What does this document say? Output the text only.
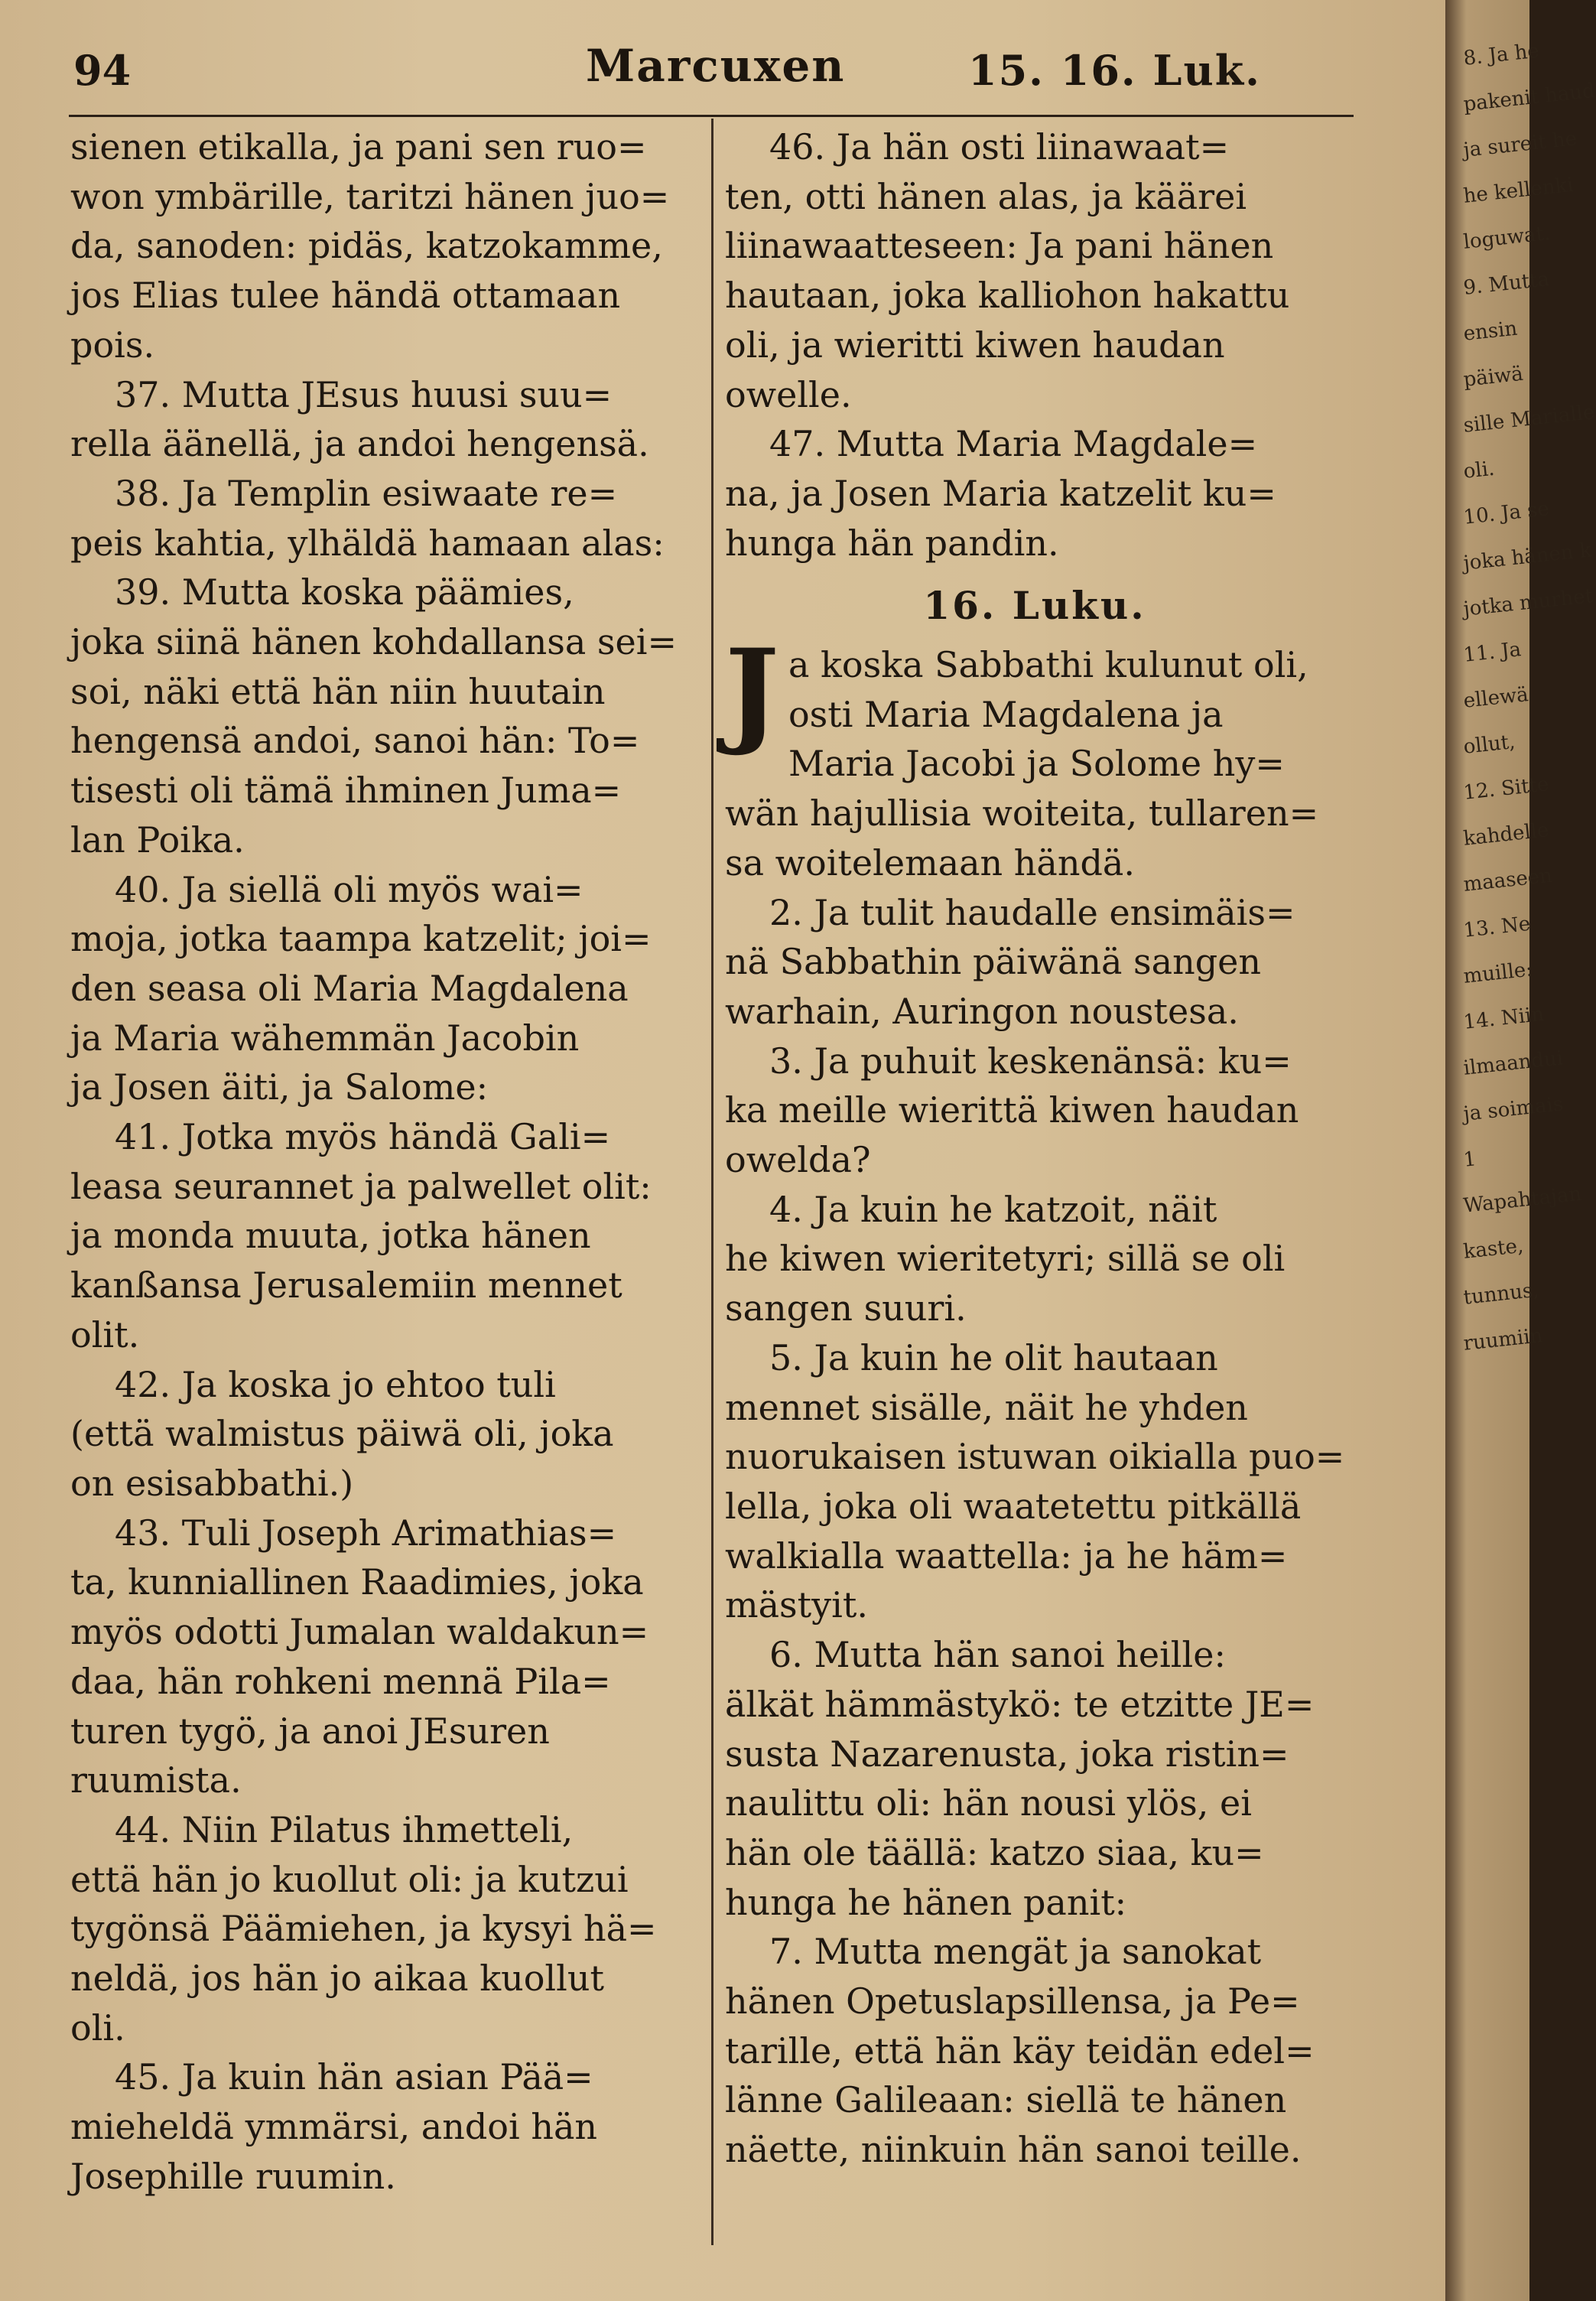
94	Marcuxen	15. 16. Luk.
sienen etikalla, ja pani sen ruo=
won ymbärille, taritzi hänen juo=
da, sanoden: pidäs, katzokamme,
jos Elias tulee händä ottamaan
pois.
37. Mutta JEsus huusi suu=
rella äänellä, ja andoi hengensä.
38. Ja Templin esiwaate re=
peis kahtia, ylhäldä hamaan alas:
39. Mutta koska päämies,
joka siinä hänen kohdallansa sei=
soi, näki että hän niin huutain
hengensä andoi, sanoi hän: To=
tisesti oli tämä ihminen Juma=
lan Poika.
40. Ja siellä oli myös wai=
moja, jotka taampa katzelit; joi=
den seasa oli Maria Magdalena
ja Maria wähemmän Jacobin
ja Josen äiti, ja Salome:
41. Jotka myös händä Gali=
leasa seurannet ja palwellet olit:
ja monda muuta, jotka hänen
kanßansa Jerusalemiin mennet
olit.
42. Ja koska jo ehtoo tuli
(että walmistus päiwä oli, joka
on esisabbathi.)
43. Tuli Joseph Arimathias=
ta, kunniallinen Raadimies, joka
myös odotti Jumalan waldakun=
daa, hän rohkeni mennä Pila=
turen tygö, ja anoi JEsuren
ruumista.
44. Niin Pilatus ihmetteli,
että hän jo kuollut oli: ja kutzui
tygönsä Päämiehen, ja kysyi hä=
neldä, jos hän jo aikaa kuollut
oli.
45. Ja kuin hän asian Pää=
mieheldä ymmärsi, andoi hän
Josephille ruumin.
46. Ja hän osti liinawaat=
ten, otti hänen alas, ja käärei
liinawaatteseen: Ja pani hänen
hautaan, joka kalliohon hakattu
oli, ja wieritti kiwen haudan
owelle.
47. Mutta Maria Magdale=
na, ja Josen Maria katzelit ku=
hunga hän pandin.
16. Luku.
J a koska Sabbathi kulunut oli,
osti Maria Magdalena ja
Maria Jacobi ja Solome hy=
wän hajullisia woiteita, tullaren=
sa woitelemaan händä.
2. Ja tulit haudalle ensimäis=
nä Sabbathin päiwänä sangen
warhain, Auringon noustesa.
3. Ja puhuit keskenänsä: ku=
ka meille wierittä kiwen haudan
owelda?
4. Ja kuin he katzoit, näit
he kiwen wieritetyri; sillä se oli
sangen suuri.
5. Ja kuin he olit hautaan
mennet sisälle, näit he yhden
nuorukaisen istuwan oikialla puo=
lella, joka oli waatetettu pitkällä
walkialla waattella: ja he häm=
mästyit.
6. Mutta hän sanoi heille:
älkät hämmästykö: te etzitte JE=
susta Nazarenusta, joka ristin=
naulittu oli: hän nousi ylös, ei
hän ole täällä: katzo siaa, ku=
hunga he hänen panit:
7. Mutta mengät ja sanokat
hänen Opetuslapsillensa, ja Pe=
tarille, että hän käy teidän edel=
länne Galileaan: siellä te hänen
näette, niinkuin hän sanoi teille.
8. Ja he
pakenit haud
ja sureit he
he kellenki
loguwat.
9. Mutta
ensin
päiwä
sille Marialle
oli.
10. Ja se
joka hänen k
jotka murhet
11. Ja
ellewä
ollut,
12. Sitte
kahdelle
maaseen
13. Ne
muille:
14. Niin
ilmaandui
ja soimais
1
Wapahtajan
kaste,
tunnus,
ruumiin
